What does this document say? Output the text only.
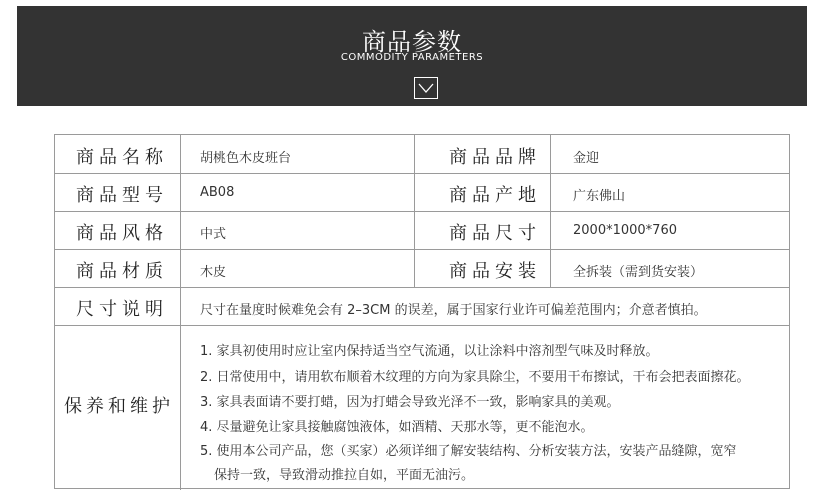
商品参数
COMMODITY PARAMETERS
商品名称 胡桃色木皮班台	商品品牌 金迎
商品型号 AB08	商品产地 广东佛山
商品风格 中式	商品尺寸 2000*1000*760
商品材质 木皮	商品安装 全拆装（需到货安装）
尺寸说明 尺寸在量度时候难免会有 2–3CM 的误差，属于国家行业许可偏差范围内；介意者慎拍。
保养和维护
1. 家具初使用时应让室内保持适当空气流通，以让涂料中溶剂型气味及时释放。
2. 日常使用中，请用软布顺着木纹理的方向为家具除尘，不要用干布擦试，干布会把表面擦花。
3. 家具表面请不要打蜡，因为打蜡会导致光泽不一致，影响家具的美观。
4. 尽量避免让家具接触腐蚀液体，如酒精、天那水等，更不能泡水。
5. 使用本公司产品，您（买家）必须详细了解安装结构、分析安装方法，安装产品缝隙，宽窄
保持一致，导致滑动推拉自如，平面无油污。
